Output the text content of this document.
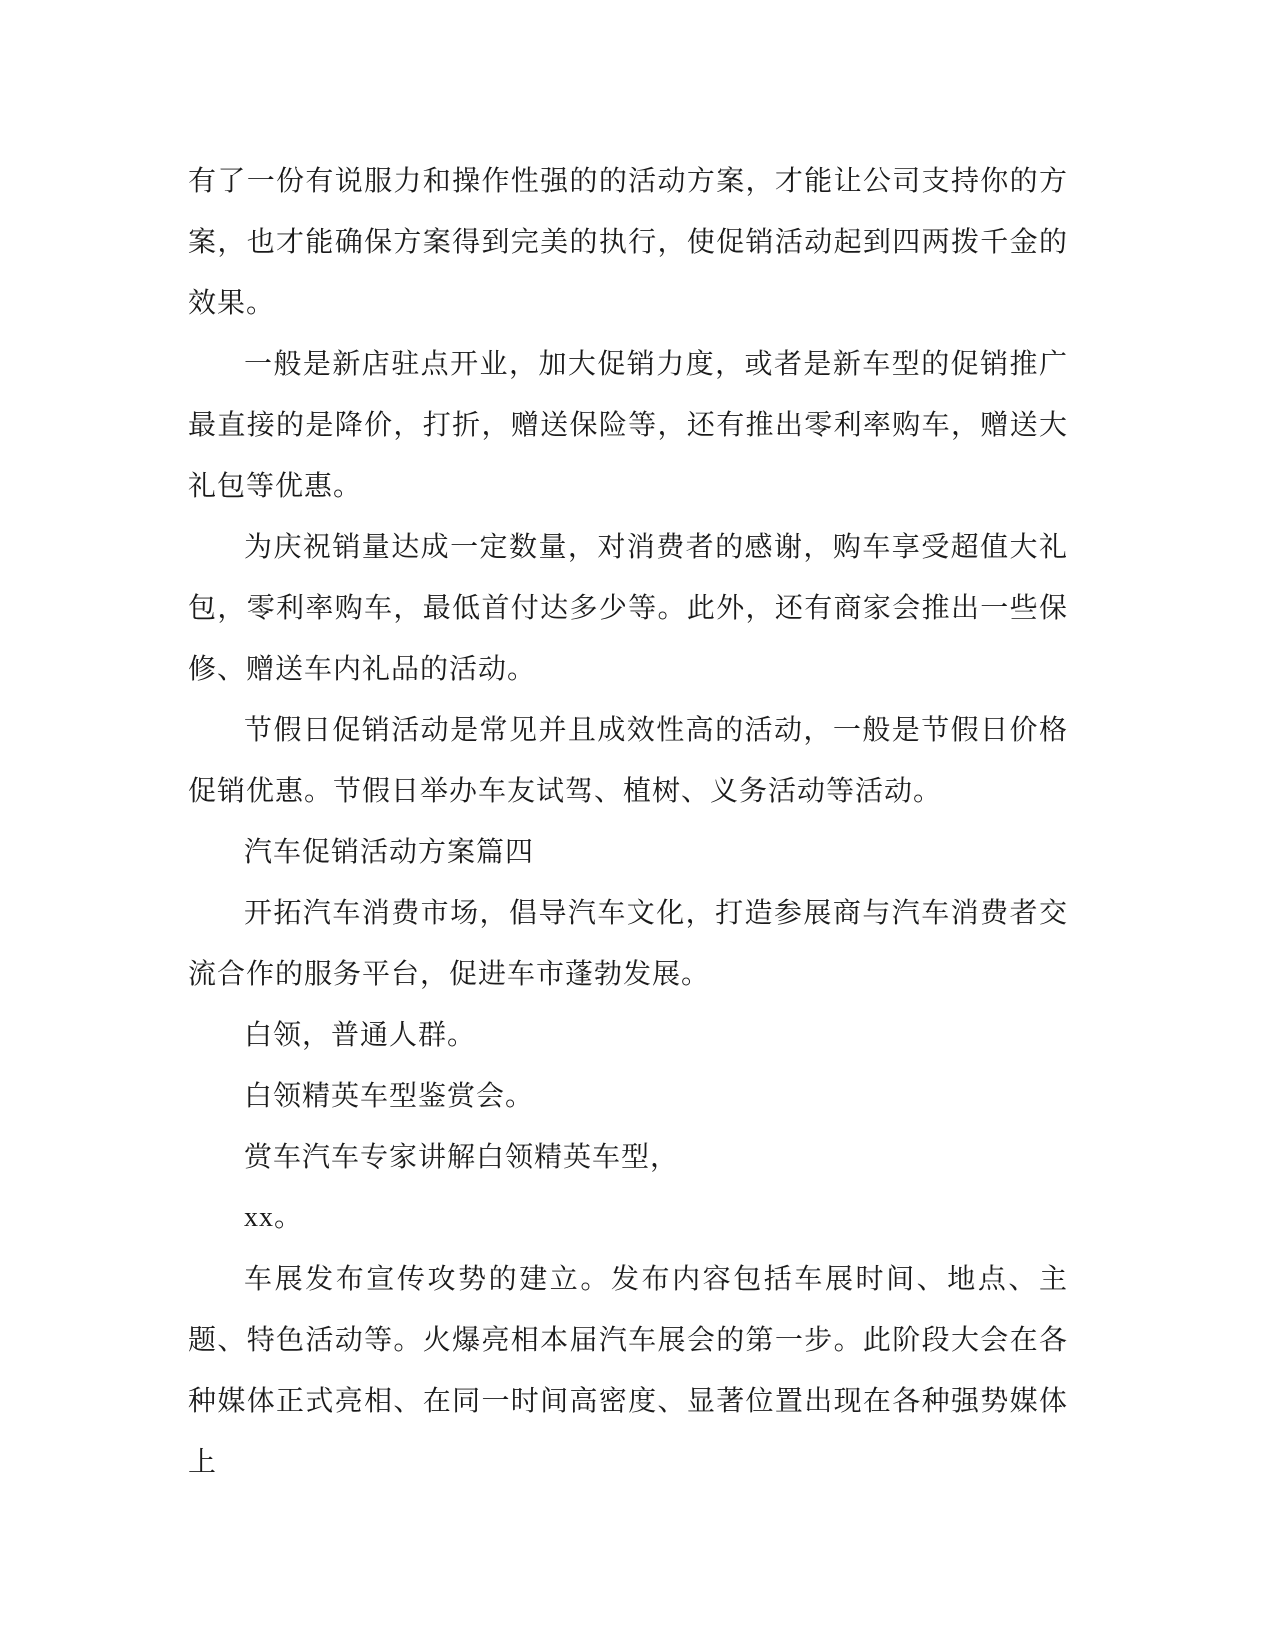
有了一份有说服力和操作性强的的活动方案，才能让公司支持你的方案，也才能确保方案得到完美的执行，使促销活动起到四两拨千金的效果。

一般是新店驻点开业，加大促销力度，或者是新车型的促销推广最直接的是降价，打折，赠送保险等，还有推出零利率购车，赠送大礼包等优惠。

为庆祝销量达成一定数量，对消费者的感谢，购车享受超值大礼包，零利率购车，最低首付达多少等。此外，还有商家会推出一些保修、赠送车内礼品的活动。

节假日促销活动是常见并且成效性高的活动，一般是节假日价格促销优惠。节假日举办车友试驾、植树、义务活动等活动。

汽车促销活动方案篇四

开拓汽车消费市场，倡导汽车文化，打造参展商与汽车消费者交流合作的服务平台，促进车市蓬勃发展。

白领，普通人群。

白领精英车型鉴赏会。

赏车汽车专家讲解白领精英车型，

xx。

车展发布宣传攻势的建立。发布内容包括车展时间、地点、主题、特色活动等。火爆亮相本届汽车展会的第一步。此阶段大会在各种媒体正式亮相、在同一时间高密度、显著位置出现在各种强势媒体上
